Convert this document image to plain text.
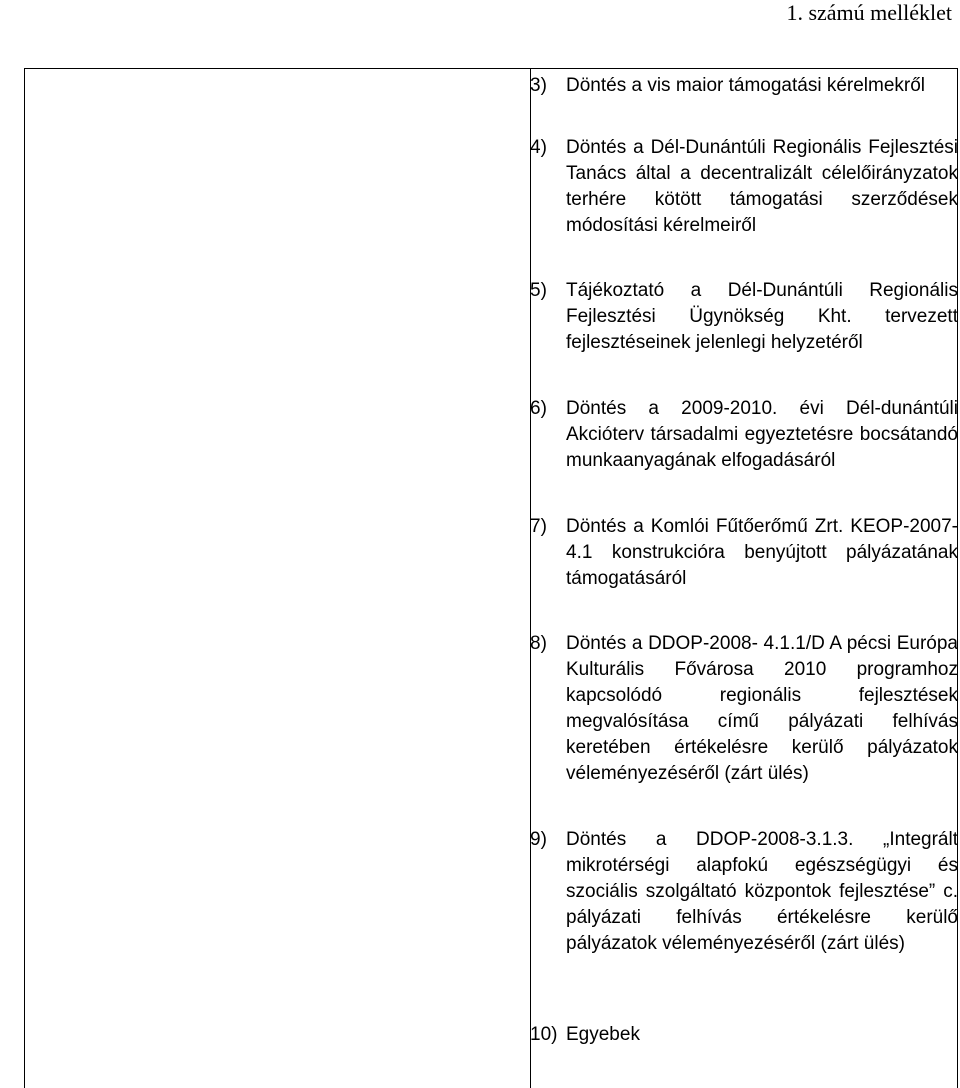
1. számú melléklet
3) Döntés a vis maior támogatási kérelmekről
4) Döntés a Dél-Dunántúli Regionális Fejlesztési Tanács által a decentralizált célelőirányzatok terhére kötött támogatási szerződések módosítási kérelmeiről
5) Tájékoztató a Dél-Dunántúli Regionális Fejlesztési Ügynökség Kht. tervezett fejlesztéseinek jelenlegi helyzetéről
6) Döntés a 2009-2010. évi Dél-dunántúli Akcióterv társadalmi egyeztetésre bocsátandó munkaanyagának elfogadásáról
7) Döntés a Komlói Fűtőerőmű Zrt. KEOP-2007-4.1 konstrukcióra benyújtott pályázatának támogatásáról
8) Döntés a DDOP-2008- 4.1.1/D A pécsi Európa Kulturális Fővárosa 2010 programhoz kapcsolódó regionális fejlesztések megvalósítása című pályázati felhívás keretében értékelésre kerülő pályázatok véleményezéséről (zárt ülés)
9) Döntés a DDOP-2008-3.1.3. „Integrált mikrotérségi alapfokú egészségügyi és szociális szolgáltató központok fejlesztése” c. pályázati felhívás értékelésre kerülő pályázatok véleményezéséről (zárt ülés)
10) Egyebek
